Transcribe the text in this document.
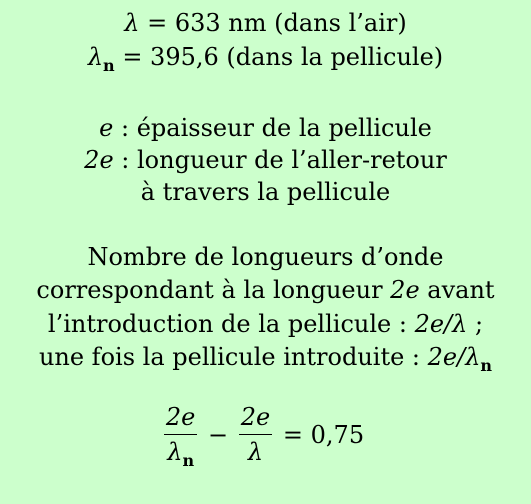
λ = 633 nm (dans l’air)
$\lambda_n = 395,6$ (dans la pellicule)
e : épaisseur de la pellicule
2e : longueur de l’aller-retour
à travers la pellicule
Nombre de longueurs d’onde
correspondant à la longueur 2e avant
l’introduction de la pellicule : 2e/λ ;
une fois la pellicule introduite : $2e/\lambda_n$
$\frac{2e}{\lambda_n} - \frac{2e}{\lambda} = 0,75$
